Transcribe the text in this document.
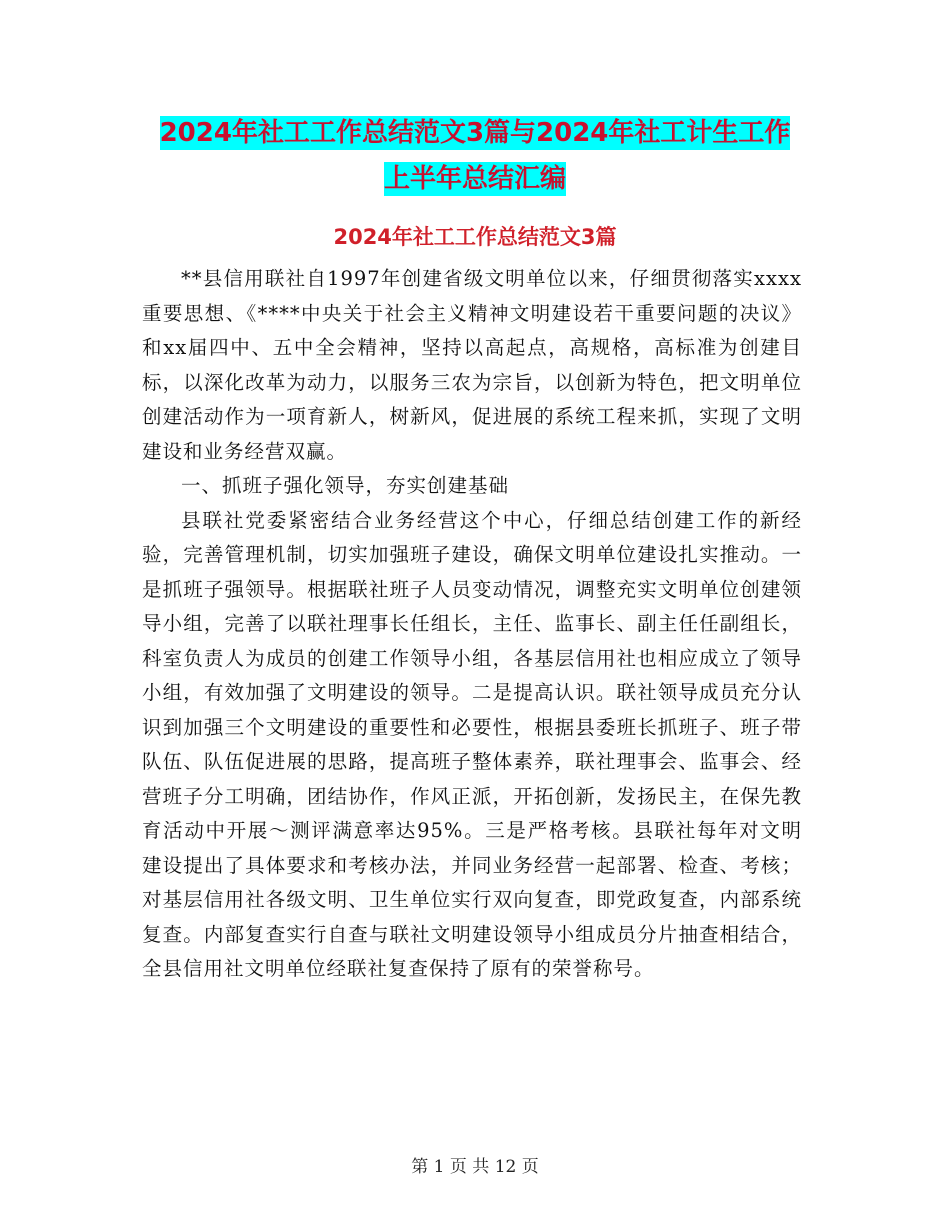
2024年社工工作总结范文3篇与2024年社工计生工作
上半年总结汇编
2024年社工工作总结范文3篇

**县信用联社自1997年创建省级文明单位以来，仔细贯彻落实xxxx重要思想、《****中央关于社会主义精神文明建设若干重要问题的决议》和xx届四中、五中全会精神，坚持以高起点，高规格，高标准为创建目标，以深化改革为动力，以服务三农为宗旨，以创新为特色，把文明单位创建活动作为一项育新人，树新风，促进展的系统工程来抓，实现了文明建设和业务经营双赢。

一、抓班子强化领导，夯实创建基础

县联社党委紧密结合业务经营这个中心，仔细总结创建工作的新经验，完善管理机制，切实加强班子建设，确保文明单位建设扎实推动。一是抓班子强领导。根据联社班子人员变动情况，调整充实文明单位创建领导小组，完善了以联社理事长任组长，主任、监事长、副主任任副组长，科室负责人为成员的创建工作领导小组，各基层信用社也相应成立了领导小组，有效加强了文明建设的领导。二是提高认识。联社领导成员充分认识到加强三个文明建设的重要性和必要性，根据县委班长抓班子、班子带队伍、队伍促进展的思路，提高班子整体素养，联社理事会、监事会、经营班子分工明确，团结协作，作风正派，开拓创新，发扬民主，在保先教育活动中开展～测评满意率达95%。三是严格考核。县联社每年对文明建设提出了具体要求和考核办法，并同业务经营一起部署、检查、考核；对基层信用社各级文明、卫生单位实行双向复查，即党政复查，内部系统复查。内部复查实行自查与联社文明建设领导小组成员分片抽查相结合，全县信用社文明单位经联社复查保持了原有的荣誉称号。

第 1 页 共 12 页
